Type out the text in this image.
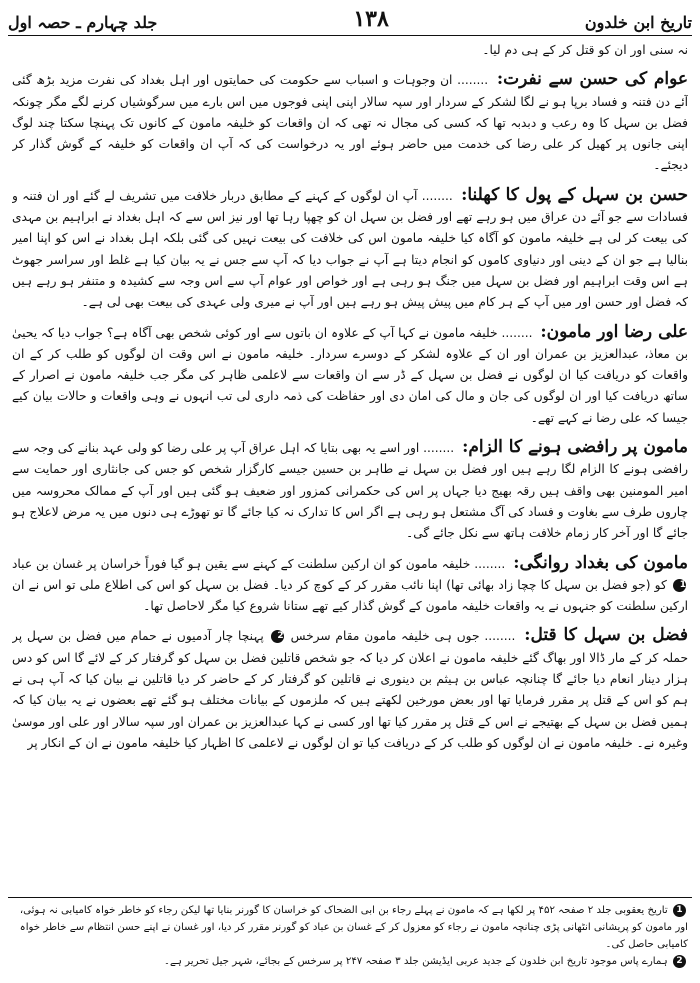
تاریخ ابن خلدون
۱۳۸
جلد چہارم ـ حصہ اول

نہ سنی اور ان کو قتل کر کے ہی دم لیا۔

عوام کی حسن سے نفرت: ........ ان وجوہات و اسباب سے حکومت کی حمایتوں اور اہل بغداد کی نفرت مزید بڑھ گئی آئے دن فتنہ و فساد برپا ہو نے لگا لشکر کے سردار اور سپہ سالار اپنی اپنی فوجوں میں اس بارے میں سرگوشیاں کرنے لگے مگر چونکہ فضل بن سہل کا وہ رعب و دبدبہ تھا کہ کسی کی مجال نہ تھی کہ ان واقعات کو خلیفہ مامون کے کانوں تک پہنچا سکتا چند لوگ اپنی جانوں پر کھیل کر علی رضا کی خدمت میں حاضر ہوئے اور یہ درخواست کی کہ آپ ان واقعات کو خلیفہ کے گوش گذار کر دیجئے۔

حسن بن سہل کے پول کا کھلنا: ........ آپ ان لوگوں کے کہنے کے مطابق دربار خلافت میں تشریف لے گئے اور ان فتنہ و فسادات سے جو آئے دن عراق میں ہو رہے تھے اور فضل بن سہل ان کو چھپا رہا تھا اور نیز اس سے کہ اہل بغداد نے ابراہیم بن مہدی کی بیعت کر لی ہے خلیفہ مامون کو آگاہ کیا خلیفہ مامون اس کی خلافت کی بیعت نہیں کی گئی بلکہ اہل بغداد نے اس کو اپنا امیر بنالیا ہے جو ان کے دینی اور دنیاوی کاموں کو انجام دیتا ہے آپ نے جواب دیا کہ آپ سے جس نے یہ بیان کیا ہے غلط اور سراسر جھوٹ ہے اس وقت ابراہیم اور فضل بن سہل میں جنگ ہو رہی ہے اور خواص اور عوام آپ سے اس وجہ سے کشیدہ و متنفر ہو رہے ہیں کہ فضل اور حسن اور میں آپ کے ہر کام میں پیش پیش ہو رہے ہیں اور آپ نے میری ولی عہدی کی بیعت بھی لی ہے۔

علی رضا اور مامون: ........ خلیفہ مامون نے کہا آپ کے علاوہ ان باتوں سے اور کوئی شخص بھی آگاہ ہے؟ جواب دیا کہ یحییٰ بن معاذ، عبدالعزیز بن عمران اور ان کے علاوہ لشکر کے دوسرے سردار۔ خلیفہ مامون نے اس وقت ان لوگوں کو طلب کر کے ان واقعات کو دریافت کیا ان لوگوں نے فضل بن سہل کے ڈر سے ان واقعات سے لاعلمی ظاہر کی مگر جب خلیفہ مامون نے اصرار کے ساتھ دریافت کیا اور ان لوگوں کی جان و مال کی امان دی اور حفاظت کی ذمہ داری لی تب انہوں نے وہی واقعات و حالات بیان کیے جیسا کہ علی رضا نے کہے تھے۔

مامون پر رافضی ہونے کا الزام: ........ اور اسے یہ بھی بتایا کہ اہل عراق آپ پر علی رضا کو ولی عہد بنانے کی وجہ سے رافضی ہونے کا الزام لگا رہے ہیں اور فضل بن سہل نے طاہر بن حسین جیسے کارگزار شخص کو جس کی جانثاری اور حمایت سے امیر المومنین بھی واقف ہیں رقہ بھیج دیا جہاں پر اس کی حکمرانی کمزور اور ضعیف ہو گئی ہیں اور آپ کے ممالک محروسہ میں چاروں طرف سے بغاوت و فساد کی آگ مشتعل ہو رہی ہے اگر اس کا تدارک نہ کیا جائے گا تو تھوڑے ہی دنوں میں یہ مرض لاعلاج ہو جائے گا اور آخر کار زمام خلافت ہاتھ سے نکل جائے گی۔

مامون کی بغداد روانگی: ........ خلیفہ مامون کو ان ارکین سلطنت کے کہنے سے یقین ہو گیا فوراً خراسان پر غسان بن عباد 1 کو (جو فضل بن سہل کا چچا زاد بھائی تھا) اپنا نائب مقرر کر کے کوچ کر دیا۔ فضل بن سہل کو اس کی اطلاع ملی تو اس نے ان ارکین سلطنت کو جنہوں نے یہ واقعات خلیفہ مامون کے گوش گذار کیے تھے ستانا شروع کیا مگر لاحاصل تھا۔

فضل بن سہل کا قتل: ........ جوں ہی خلیفہ مامون مقام سرخس 2 پہنچا چار آدمیوں نے حمام میں فضل بن سہل پر حملہ کر کے مار ڈالا اور بھاگ گئے خلیفہ مامون نے اعلان کر دیا کہ جو شخص قاتلین فضل بن سہل کو گرفتار کر کے لائے گا اس کو دس ہزار دینار انعام دیا جائے گا چنانچہ عباس بن ہیثم بن دینوری نے قاتلین کو گرفتار کر کے حاضر کر دیا قاتلین نے بیان کیا کہ آپ ہی نے ہم کو اس کے قتل پر مقرر فرمایا تھا اور بعض مورخین لکھتے ہیں کہ ملزموں کے بیانات مختلف ہو گئے تھے بعضوں نے یہ بیان کیا کہ ہمیں فضل بن سہل کے بھتیجے نے اس کے قتل پر مقرر کیا تھا اور کسی نے کہا عبدالعزیز بن عمران اور سپہ سالار اور علی اور موسیٰ وغیرہ نے۔ خلیفہ مامون نے ان لوگوں کو طلب کر کے دریافت کیا تو ان لوگوں نے لاعلمی کا اظہار کیا خلیفہ مامون نے ان کے انکار پر

1 تاریخ یعقوبی جلد ۲ صفحہ ۴۵۲ پر لکھا ہے کہ مامون نے پہلے رجاء بن ابی الضحاک کو خراسان کا گورنر بنایا تھا لیکن رجاء کو خاطر خواہ کامیابی نہ ہوئی، اور مامون کو پریشانی انٹھانی پڑی چنانچہ مامون نے رجاء کو معزول کر کے غسان بن عباد کو گورنر مقرر کر دیا، اور غسان نے اپنے حسن انتظام سے خاطر خواہ کامیابی حاصل کی۔

2 ہمارے پاس موجود تاریخ ابن خلدون کے جدید عربی ایڈیشن جلد ۳ صفحہ ۲۴۷ پر سرخس کے بجائے، شہر جیل تحریر ہے۔
